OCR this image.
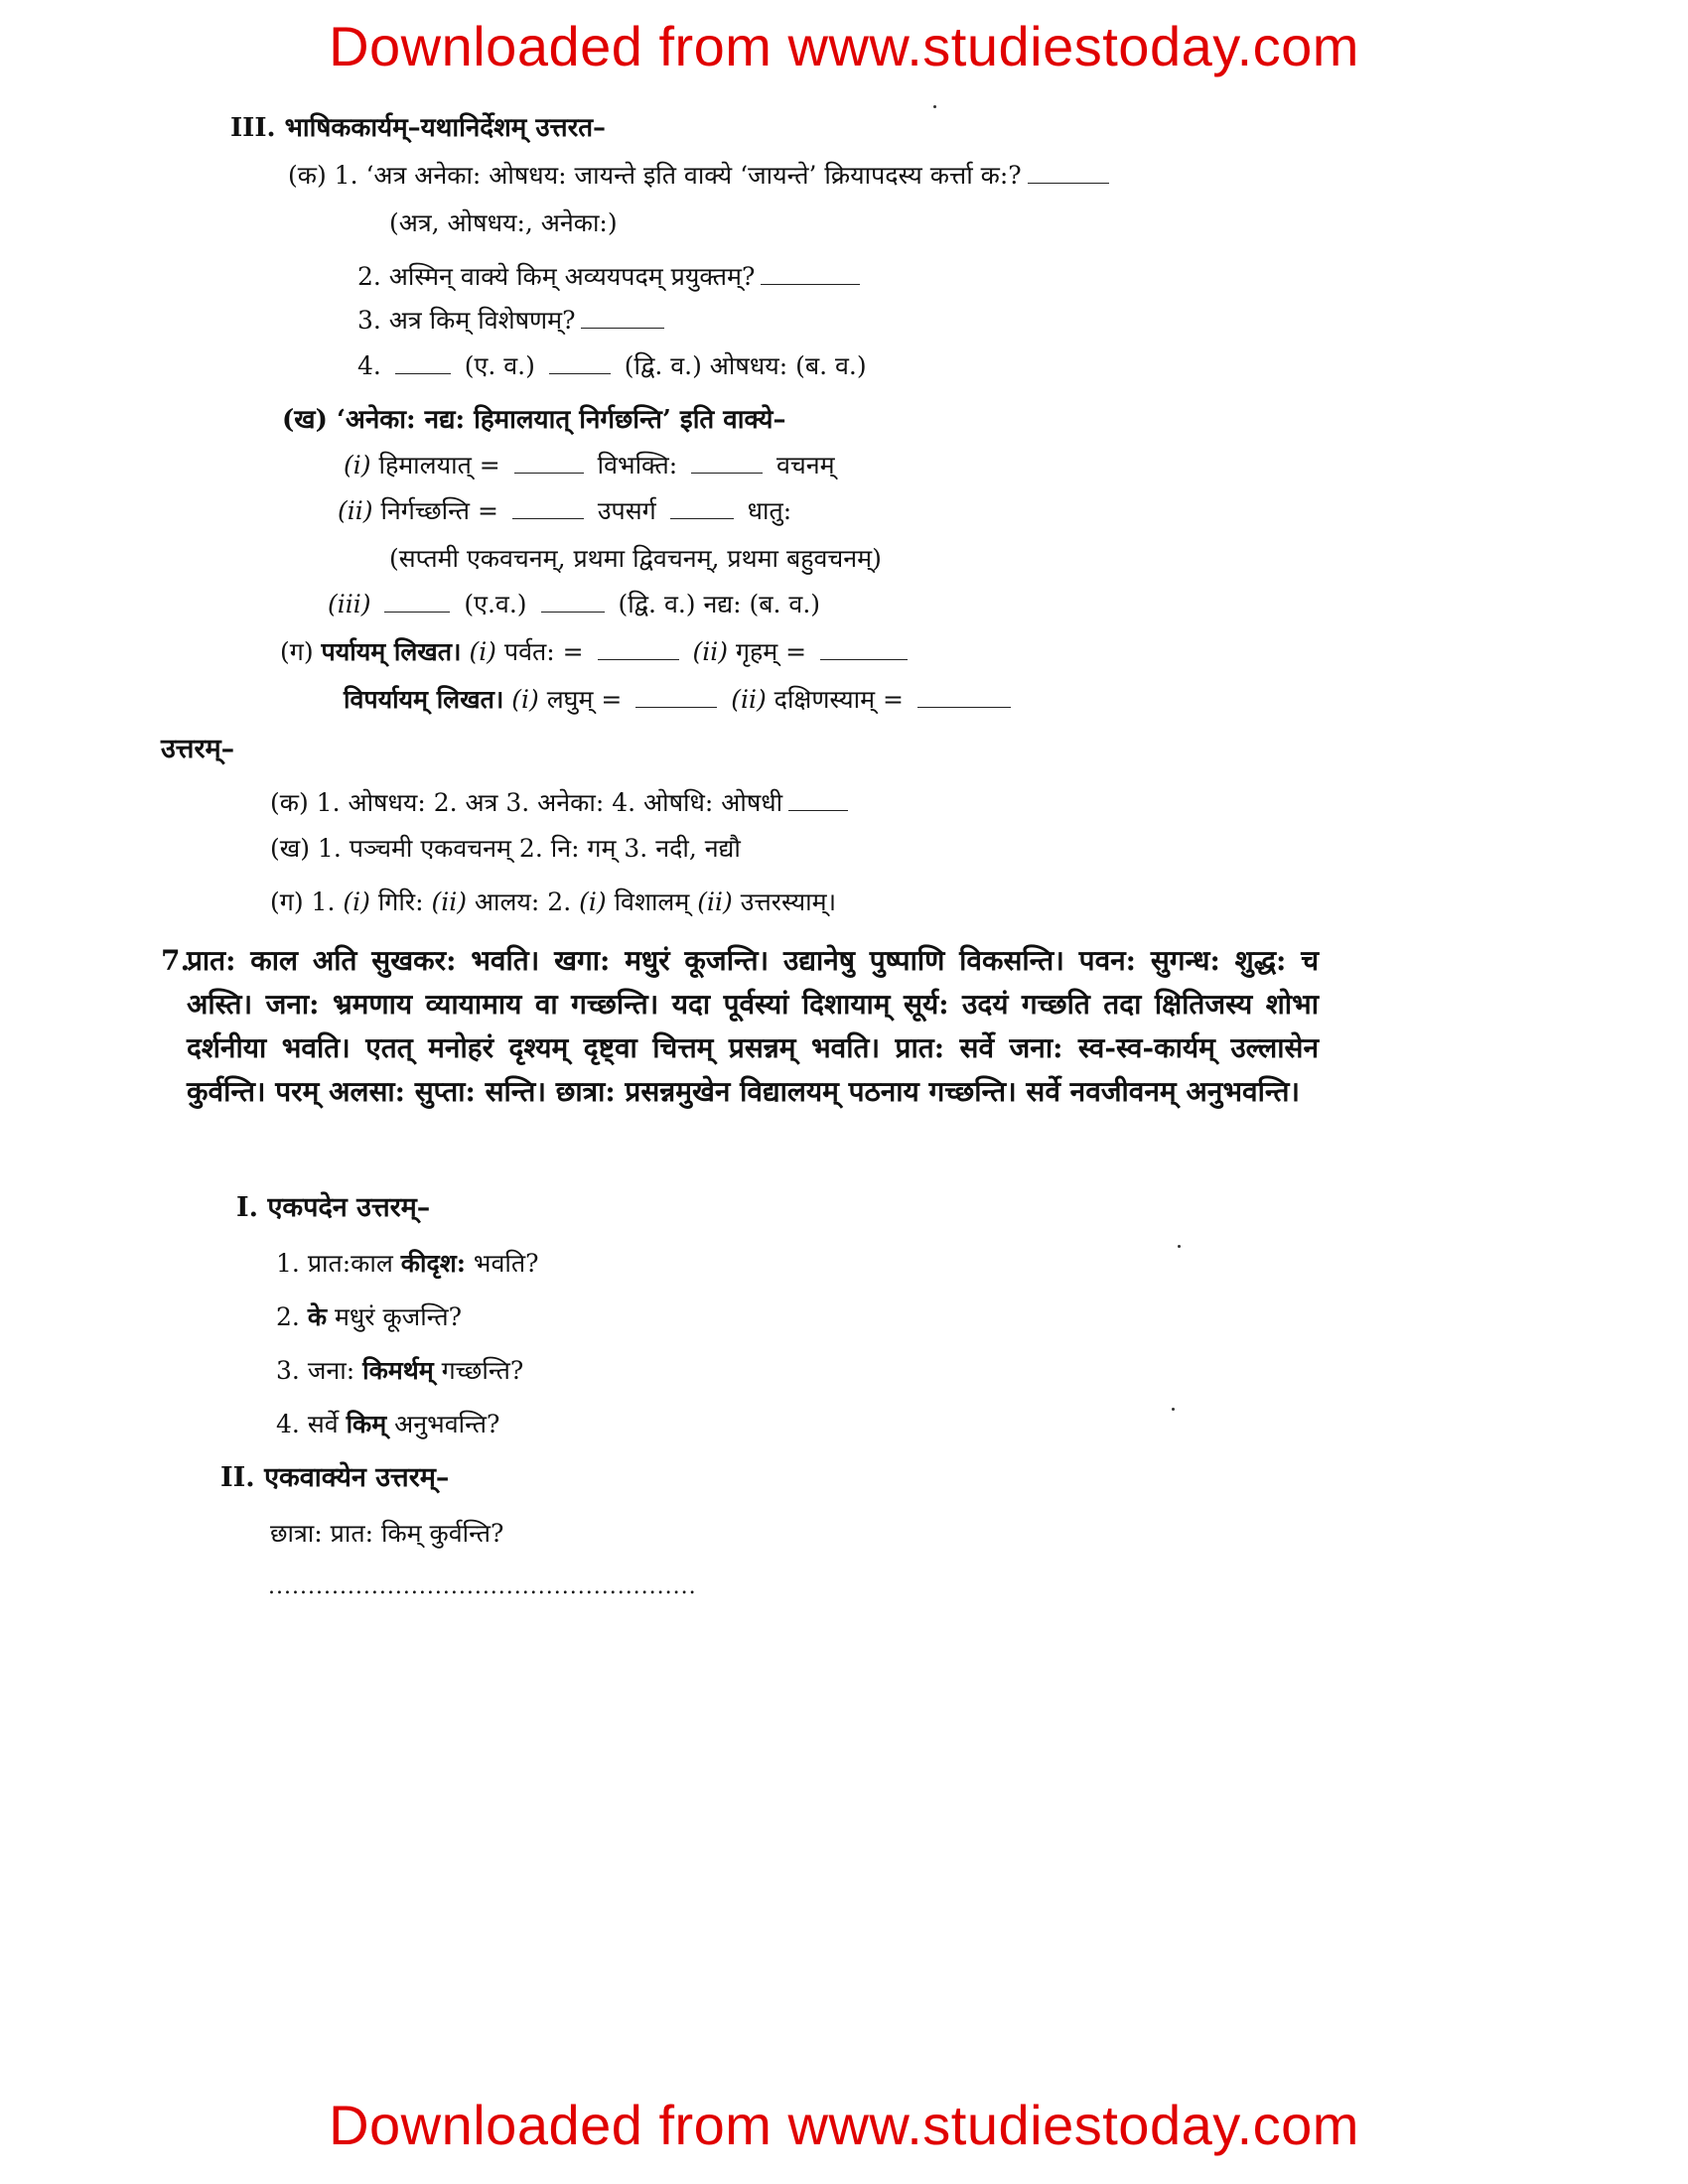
Downloaded from www.studiestoday.com
III. भाषिककार्यम्–यथानिर्देशम् उत्तरत–
(क) 1. ‘अत्र अनेका: ओषधय: जायन्ते इति वाक्ये ‘जायन्ते’ क्रियापदस्य कर्त्ता क:?
(अत्र, ओषधय:, अनेका:)
2. अस्मिन् वाक्ये किम् अव्ययपदम् प्रयुक्तम्?
3. अत्र किम् विशेषणम्?
4.	(ए. व.)	(द्वि. व.) ओषधय: (ब. व.)
(ख) ‘अनेका: नद्य: हिमालयात् निर्गछन्ति’ इति वाक्ये–
(i) हिमालयात् =	विभक्ति:	वचनम्
(ii) निर्गच्छन्ति =	उपसर्ग	धातु:
(सप्तमी एकवचनम्, प्रथमा द्विवचनम्, प्रथमा बहुवचनम्)
(iii)	(ए.व.)	(द्वि. व.) नद्य: (ब. व.)
(ग) पर्यायम् लिखत। (i) पर्वत: =	(ii) गृहम् =
विपर्यायम् लिखत। (i) लघुम् =	(ii) दक्षिणस्याम् =
उत्तरम्–
(क) 1. ओषधय: 2. अत्र 3. अनेका: 4. ओषधि: ओषधी
(ख) 1. पञ्चमी एकवचनम् 2. नि: गम् 3. नदी, नद्यौ
(ग) 1. (i) गिरि: (ii) आलय: 2. (i) विशालम् (ii) उत्तरस्याम्।
7.
प्रात: काल अति सुखकर: भवति। खगा: मधुरं कूजन्ति। उद्यानेषु पुष्पाणि विकसन्ति। पवन: सुगन्ध: शुद्ध: च अस्ति। जना: भ्रमणाय व्यायामाय वा गच्छन्ति। यदा पूर्वस्यां दिशायाम् सूर्य: उदयं गच्छति तदा क्षितिजस्य शोभा दर्शनीया भवति। एतत् मनोहरं दृश्यम् दृष्ट्वा चित्तम् प्रसन्नम् भवति। प्रात: सर्वे जना: स्व-स्व-कार्यम् उल्लासेन कुर्वन्ति। परम् अलसा: सुप्ता: सन्ति। छात्रा: प्रसन्नमुखेन विद्यालयम् पठनाय गच्छन्ति। सर्वे नवजीवनम् अनुभवन्ति।
I. एकपदेन उत्तरम्–
1. प्रात:काल कीदृश: भवति?
2. के मधुरं कूजन्ति?
3. जना: किमर्थम् गच्छन्ति?
4. सर्वे किम् अनुभवन्ति?
II. एकवाक्येन उत्तरम्–
छात्रा: प्रात: किम् कुर्वन्ति?
......................................................
Downloaded from www.studiestoday.com
